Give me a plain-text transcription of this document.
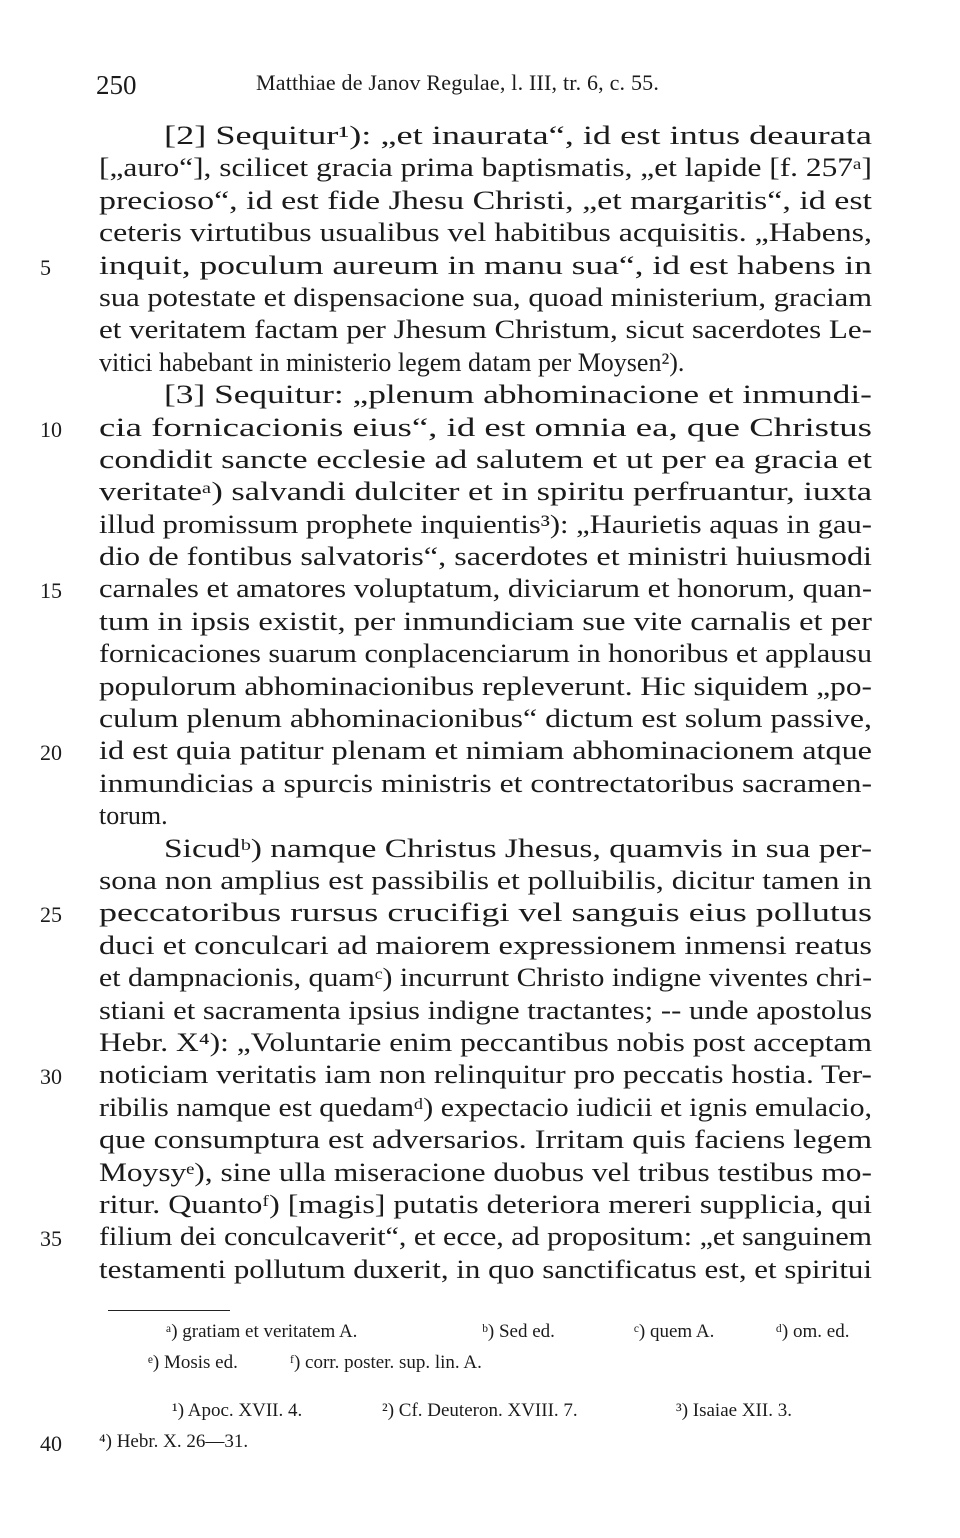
250	Matthiae de Janov Regulae, l. III, tr. 6, c. 55.
[2] Sequitur¹): „et inaurata“, id est intus deaurata
[„auro“], scilicet gracia prima baptismatis, „et lapide [f. 257ᵃ]
precioso“, id est fide Jhesu Christi, „et margaritis“, id est
ceteris virtutibus usualibus vel habitibus acquisitis. „Habens,
5	inquit, poculum aureum in manu sua“, id est habens in
sua potestate et dispensacione sua, quoad ministerium, graciam
et veritatem factam per Jhesum Christum, sicut sacerdotes Le-
vitici habebant in ministerio legem datam per Moysen²).
[3] Sequitur: „plenum abhominacione et inmundi-
10	cia fornicacionis eius“, id est omnia ea, que Christus
condidit sancte ecclesie ad salutem et ut per ea gracia et
veritateᵃ) salvandi dulciter et in spiritu perfruantur, iuxta
illud promissum prophete inquientis³): „Haurietis aquas in gau-
dio de fontibus salvatoris“, sacerdotes et ministri huiusmodi
15	carnales et amatores voluptatum, diviciarum et honorum, quan-
tum in ipsis existit, per inmundiciam sue vite carnalis et per
fornicaciones suarum conplacenciarum in honoribus et applausu
populorum abhominacionibus repleverunt. Hic siquidem „po-
culum plenum abhominacionibus“ dictum est solum passive,
20	id est quia patitur plenam et nimiam abhominacionem atque
inmundicias a spurcis ministris et contrectatoribus sacramen-
torum.
Sicudᵇ) namque Christus Jhesus, quamvis in sua per-
sona non amplius est passibilis et polluibilis, dicitur tamen in
25	peccatoribus rursus crucifigi vel sanguis eius pollutus
duci et conculcari ad maiorem expressionem inmensi reatus
et dampnacionis, quamᶜ) incurrunt Christo indigne viventes chri-
stiani et sacramenta ipsius indigne tractantes; -- unde apostolus
Hebr. X⁴): „Voluntarie enim peccantibus nobis post acceptam
30	noticiam veritatis iam non relinquitur pro peccatis hostia. Ter-
ribilis namque est quedamᵈ) expectacio iudicii et ignis emulacio,
que consumptura est adversarios. Irritam quis faciens legem
Moysyᵉ), sine ulla miseracione duobus vel tribus testibus mo-
ritur. Quantoᶠ) [magis] putatis deteriora mereri supplicia, qui
35	filium dei conculcaverit“, et ecce, ad propositum: „et sanguinem
testamenti pollutum duxerit, in quo sanctificatus est, et spiritui
ᵃ) gratiam et veritatem A.	ᵇ) Sed ed.	ᶜ) quem A.	ᵈ) om. ed.
ᵉ) Mosis ed.	ᶠ) corr. poster. sup. lin. A.
¹) Apoc. XVII. 4.	²) Cf. Deuteron. XVIII. 7.	³) Isaiae XII. 3.
40	⁴) Hebr. X. 26—31.
